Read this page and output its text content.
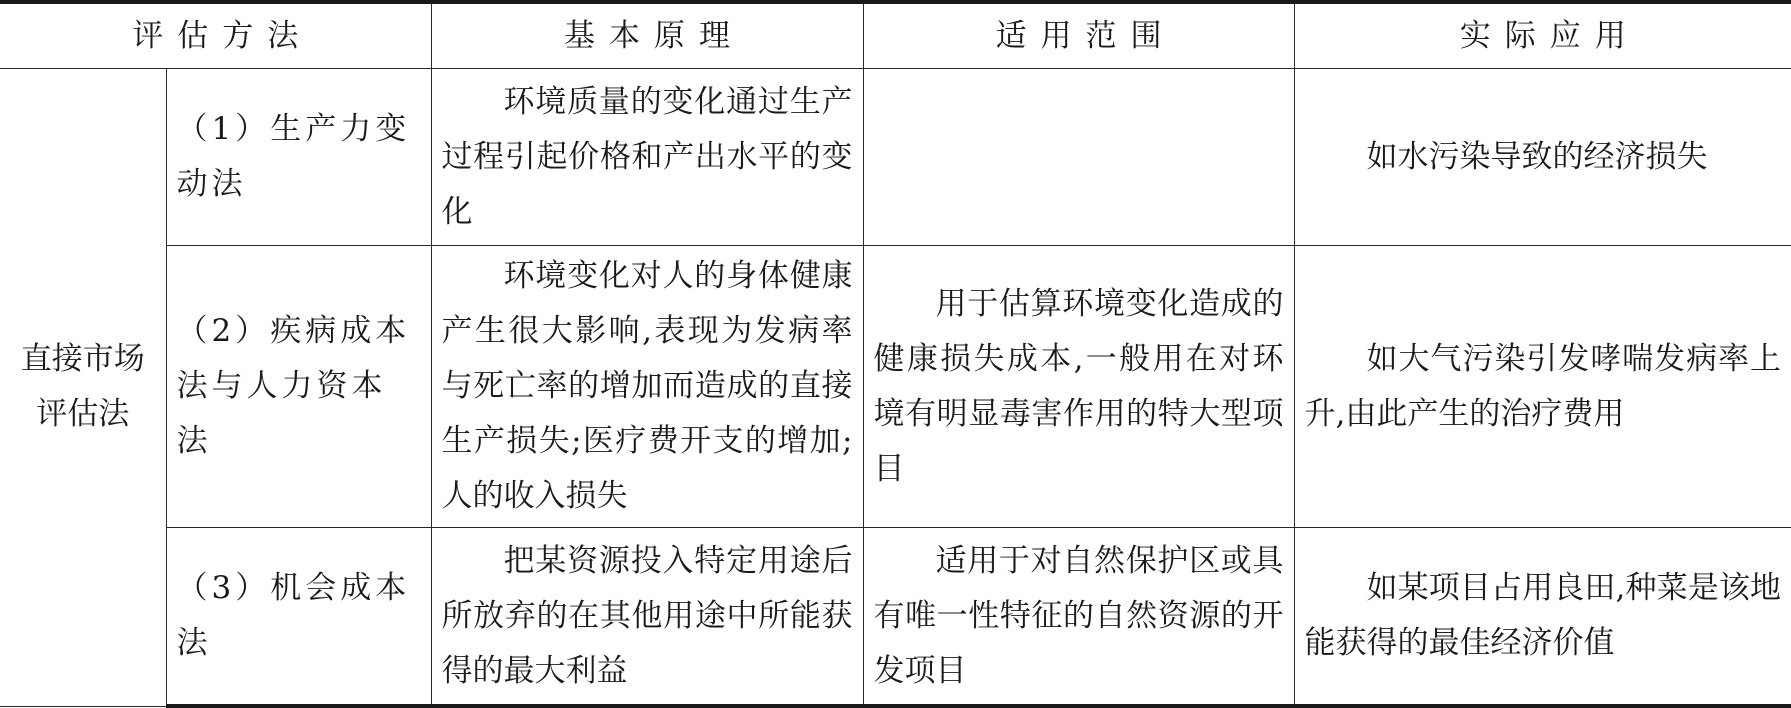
评估方法		基本原理	适用范围	实际应用

直接市场评估法	（1）生产力变动法	环境质量的变化通过生产过程引起价格和产出水平的变化		如水污染导致的经济损失

	（2）疾病成本法与人力资本法	环境变化对人的身体健康产生很大影响,表现为发病率与死亡率的增加而造成的直接生产损失;医疗费开支的增加;人的收入损失	用于估算环境变化造成的健康损失成本,一般用在对环境有明显毒害作用的特大型项目	如大气污染引发哮喘发病率上升,由此产生的治疗费用

	（3）机会成本法	把某资源投入特定用途后所放弃的在其他用途中所能获得的最大利益	适用于对自然保护区或具有唯一性特征的自然资源的开发项目	如某项目占用良田,种菜是该地能获得的最佳经济价值
